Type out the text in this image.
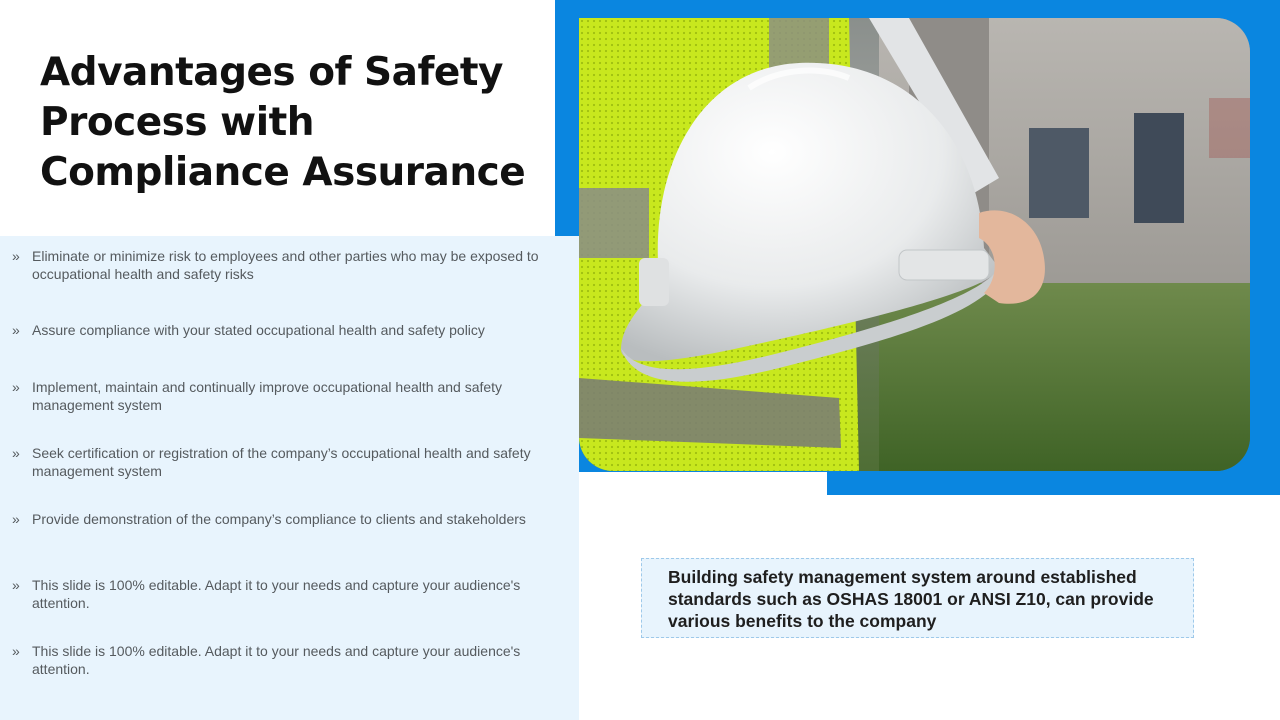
Advantages of Safety Process with Compliance Assurance
» Eliminate or minimize risk to employees and other parties who may be exposed to occupational health and safety risks
» Assure compliance with your stated occupational health and safety policy
» Implement, maintain and continually improve occupational health and safety management system
» Seek certification or registration of the company’s occupational health and safety management system
» Provide demonstration of the company’s compliance to clients and stakeholders
» This slide is 100% editable. Adapt it to your needs and capture your audience's attention.
» This slide is 100% editable. Adapt it to your needs and capture your audience's attention.

Building safety management system around established standards such as OSHAS 18001 or ANSI Z10, can provide various benefits to the company
